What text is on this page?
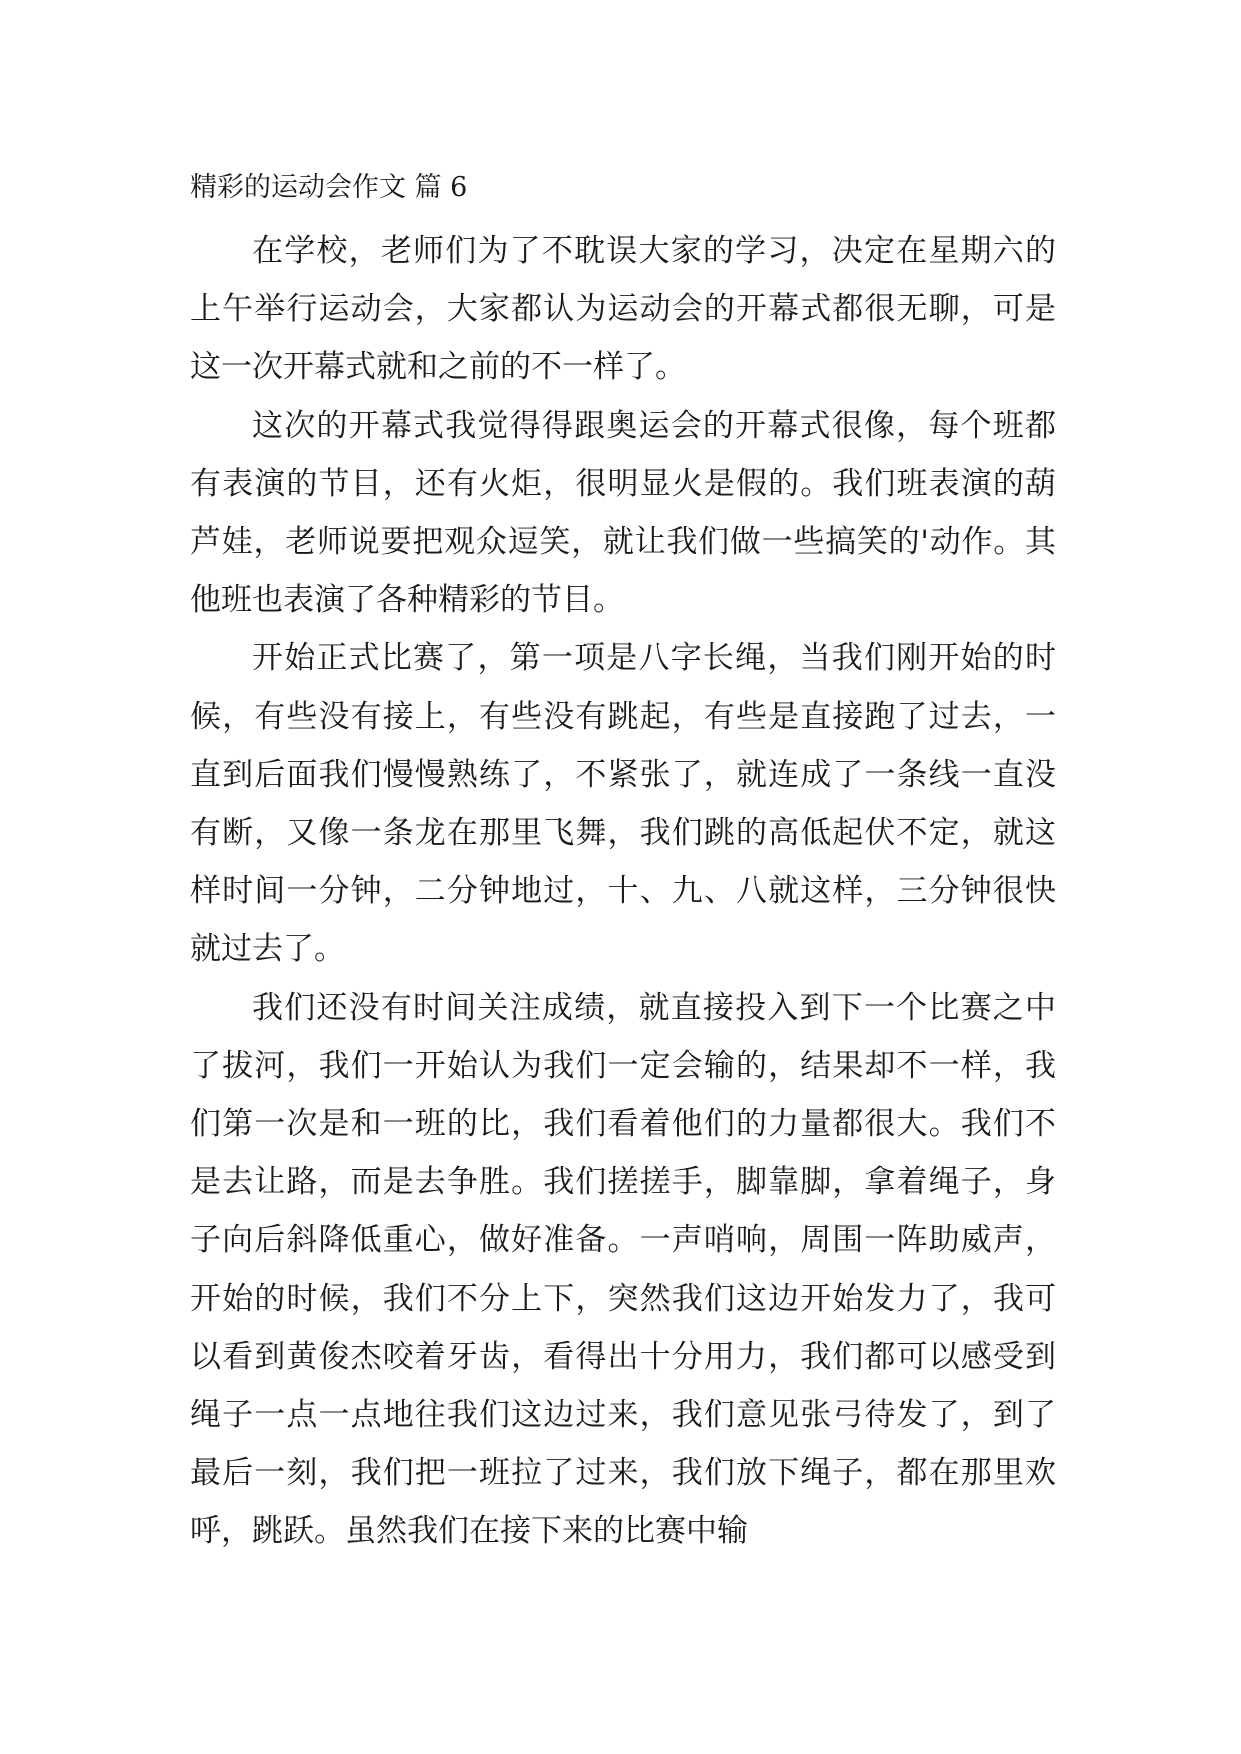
精彩的运动会作文 篇 6

在学校，老师们为了不耽误大家的学习，决定在星期六的上午举行运动会，大家都认为运动会的开幕式都很无聊，可是这一次开幕式就和之前的不一样了。

这次的开幕式我觉得得跟奥运会的开幕式很像，每个班都有表演的节目，还有火炬，很明显火是假的。我们班表演的葫芦娃，老师说要把观众逗笑，就让我们做一些搞笑的'动作。其他班也表演了各种精彩的节目。

开始正式比赛了，第一项是八字长绳，当我们刚开始的时候，有些没有接上，有些没有跳起，有些是直接跑了过去，一直到后面我们慢慢熟练了，不紧张了，就连成了一条线一直没有断，又像一条龙在那里飞舞，我们跳的高低起伏不定，就这样时间一分钟，二分钟地过，十、九、八就这样，三分钟很快就过去了。

我们还没有时间关注成绩，就直接投入到下一个比赛之中了拔河，我们一开始认为我们一定会输的，结果却不一样，我们第一次是和一班的比，我们看着他们的力量都很大。我们不是去让路，而是去争胜。我们搓搓手，脚靠脚，拿着绳子，身子向后斜降低重心，做好准备。一声哨响，周围一阵助威声，开始的时候，我们不分上下，突然我们这边开始发力了，我可以看到黄俊杰咬着牙齿，看得出十分用力，我们都可以感受到绳子一点一点地往我们这边过来，我们意见张弓待发了，到了最后一刻，我们把一班拉了过来，我们放下绳子，都在那里欢呼，跳跃。虽然我们在接下来的比赛中输
